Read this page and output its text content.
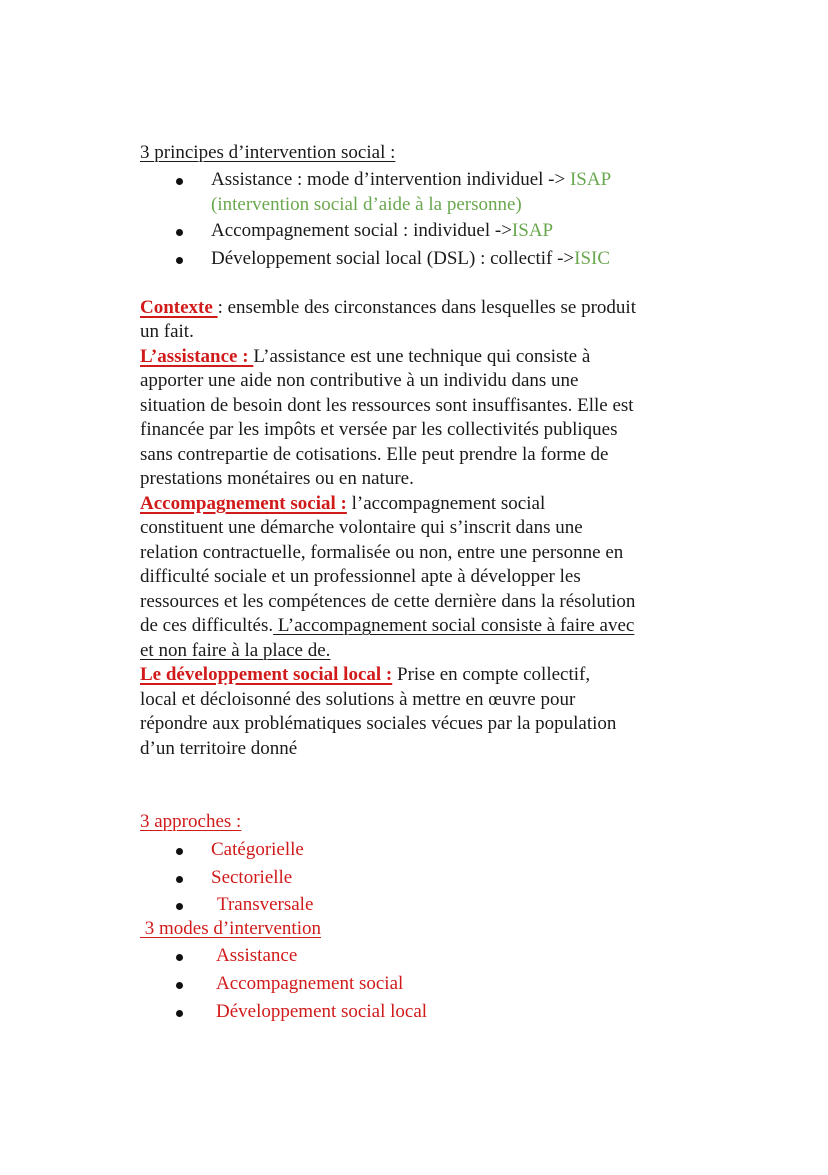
3 principes d’intervention social :
Assistance : mode d’intervention individuel -> ISAP
(intervention social d’aide à la personne)
Accompagnement social : individuel ->ISAP
Développement social local (DSL) : collectif ->ISIC
Contexte : ensemble des circonstances dans lesquelles se produit
un fait.
L’assistance : L’assistance est une technique qui consiste à
apporter une aide non contributive à un individu dans une
situation de besoin dont les ressources sont insuffisantes. Elle est
financée par les impôts et versée par les collectivités publiques
sans contrepartie de cotisations. Elle peut prendre la forme de
prestations monétaires ou en nature.
Accompagnement social : l’accompagnement social
constituent une démarche volontaire qui s’inscrit dans une
relation contractuelle, formalisée ou non, entre une personne en
difficulté sociale et un professionnel apte à développer les
ressources et les compétences de cette dernière dans la résolution
de ces difficultés. L’accompagnement social consiste à faire avec
et non faire à la place de.
Le développement social local : Prise en compte collectif,
local et décloisonné des solutions à mettre en œuvre pour
répondre aux problématiques sociales vécues par la population
d’un territoire donné
3 approches :
Catégorielle
Sectorielle
Transversale
3 modes d’intervention
Assistance
Accompagnement social
Développement social local
